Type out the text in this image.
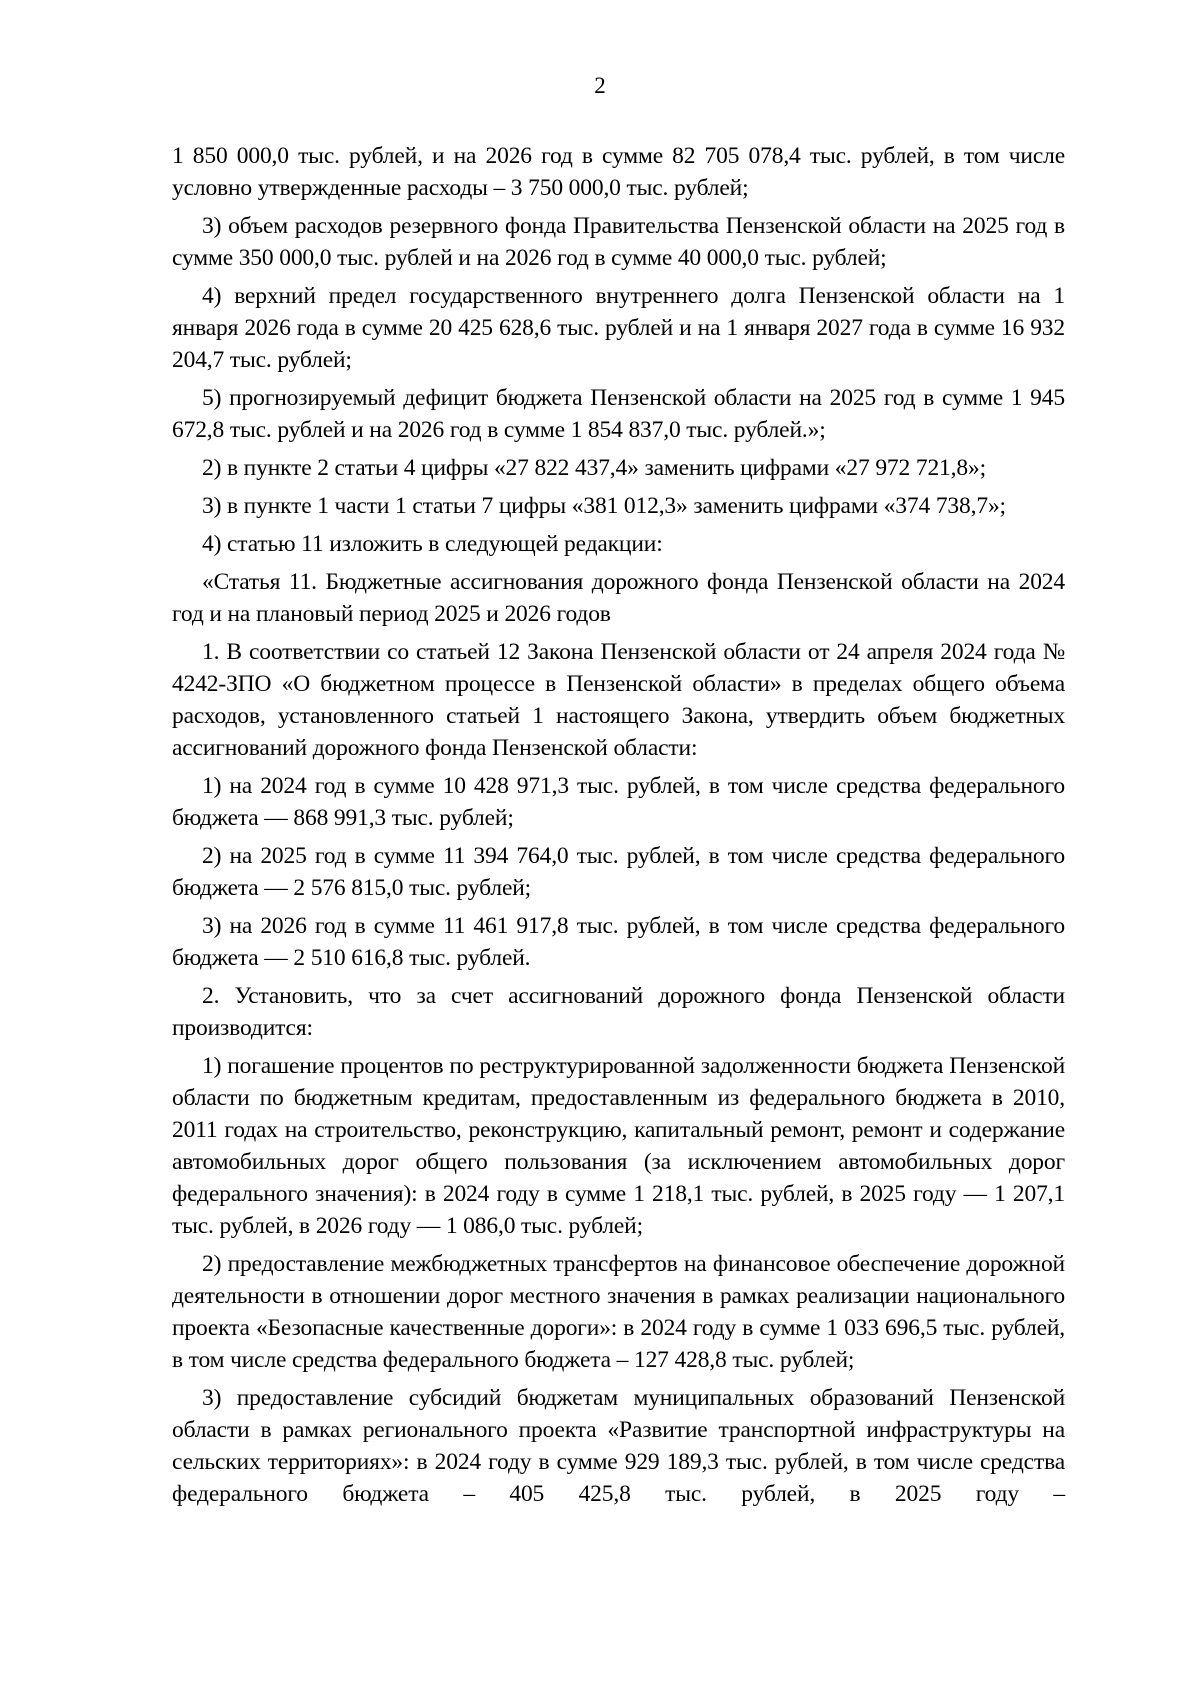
2

1 850 000,0 тыс. рублей, и на 2026 год в сумме 82 705 078,4 тыс. рублей, в том числе условно утвержденные расходы – 3 750 000,0 тыс. рублей;

3) объем расходов резервного фонда Правительства Пензенской области на 2025 год в сумме 350 000,0 тыс. рублей и на 2026 год в сумме 40 000,0 тыс. рублей;

4) верхний предел государственного внутреннего долга Пензенской области на 1 января 2026 года в сумме 20 425 628,6 тыс. рублей и на 1 января 2027 года в сумме 16 932 204,7 тыс. рублей;

5) прогнозируемый дефицит бюджета Пензенской области на 2025 год в сумме 1 945 672,8 тыс. рублей и на 2026 год в сумме 1 854 837,0 тыс. рублей.»;

2) в пункте 2 статьи 4 цифры «27 822 437,4» заменить цифрами «27 972 721,8»;

3) в пункте 1 части 1 статьи 7 цифры «381 012,3» заменить цифрами «374 738,7»;

4) статью 11 изложить в следующей редакции:

«Статья 11. Бюджетные ассигнования дорожного фонда Пензенской области на 2024 год и на плановый период 2025 и 2026 годов

1. В соответствии со статьей 12 Закона Пензенской области от 24 апреля 2024 года № 4242-ЗПО «О бюджетном процессе в Пензенской области» в пределах общего объема расходов, установленного статьей 1 настоящего Закона, утвердить объем бюджетных ассигнований дорожного фонда Пензенской области:

1) на 2024 год в сумме 10 428 971,3 тыс. рублей, в том числе средства федерального бюджета — 868 991,3 тыс. рублей;

2) на 2025 год в сумме 11 394 764,0 тыс. рублей, в том числе средства федерального бюджета — 2 576 815,0 тыс. рублей;

3) на 2026 год в сумме 11 461 917,8 тыс. рублей, в том числе средства федерального бюджета — 2 510 616,8 тыс. рублей.

2. Установить, что за счет ассигнований дорожного фонда Пензенской области производится:

1) погашение процентов по реструктурированной задолженности бюджета Пензенской области по бюджетным кредитам, предоставленным из федерального бюджета в 2010, 2011 годах на строительство, реконструкцию, капитальный ремонт, ремонт и содержание автомобильных дорог общего пользования (за исключением автомобильных дорог федерального значения): в 2024 году в сумме 1 218,1 тыс. рублей, в 2025 году — 1 207,1 тыс. рублей, в 2026 году — 1 086,0 тыс. рублей;

2) предоставление межбюджетных трансфертов на финансовое обеспечение дорожной деятельности в отношении дорог местного значения в рамках реализации национального проекта «Безопасные качественные дороги»: в 2024 году в сумме 1 033 696,5 тыс. рублей, в том числе средства федерального бюджета – 127 428,8 тыс. рублей;

3) предоставление субсидий бюджетам муниципальных образований Пензенской области в рамках регионального проекта «Развитие транспортной инфраструктуры на сельских территориях»: в 2024 году в сумме 929 189,3 тыс. рублей, в том числе средства федерального бюджета – 405 425,8 тыс. рублей, в 2025 году –
